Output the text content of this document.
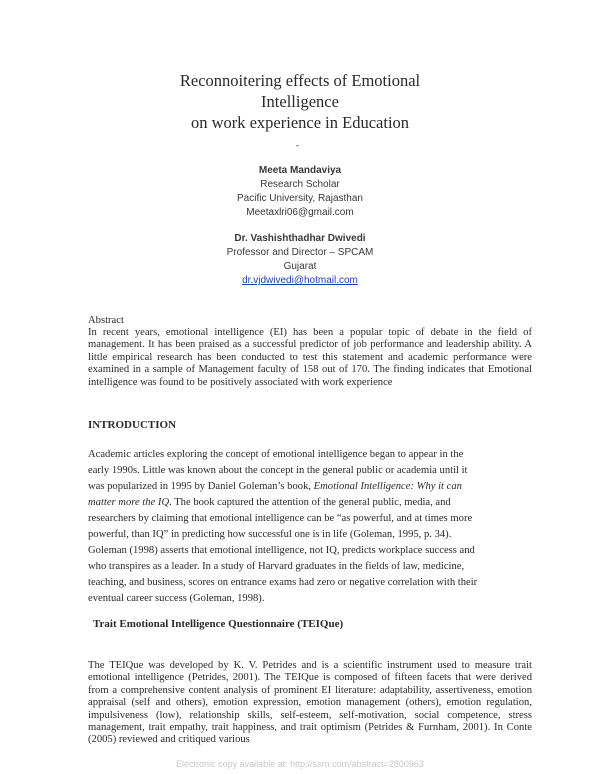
Reconnoitering effects of Emotional
Intelligence
on work experience in Education
-
Meeta Mandaviya
Research Scholar
Pacific University, Rajasthan
Meetaxlri06@gmail.com
Dr. Vashishthadhar Dwivedi
Professor and Director – SPCAM
Gujarat
dr.vjdwivedi@hotmail.com
Abstract
In recent years, emotional intelligence (EI) has been a popular topic of debate in the field of management. It has been praised as a successful predictor of job performance and leadership ability. A little empirical research has been conducted to test this statement and academic performance were examined in a sample of Management faculty of 158 out of 170. The finding indicates that Emotional intelligence was found to be positively associated with work experience
INTRODUCTION
Academic articles exploring the concept of emotional intelligence began to appear in the
early 1990s. Little was known about the concept in the general public or academia until it
was popularized in 1995 by Daniel Goleman’s book, Emotional Intelligence: Why it can
matter more the IQ. The book captured the attention of the general public, media, and
researchers by claiming that emotional intelligence can be “as powerful, and at times more
powerful, than IQ” in predicting how successful one is in life (Goleman, 1995, p. 34).
Goleman (1998) asserts that emotional intelligence, not IQ, predicts workplace success and
who transpires as a leader. In a study of Harvard graduates in the fields of law, medicine,
teaching, and business, scores on entrance exams had zero or negative correlation with their
eventual career success (Goleman, 1998).
Trait Emotional Intelligence Questionnaire (TEIQue)
The TEIQue was developed by K. V. Petrides and is a scientific instrument used to measure trait emotional intelligence (Petrides, 2001). The TEIQue is composed of fifteen facets that were derived from a comprehensive content analysis of prominent EI literature: adaptability, assertiveness, emotion appraisal (self and others), emotion expression, emotion management (others), emotion regulation, impulsiveness (low), relationship skills, self-esteem, self-motivation, social competence, stress management, trait empathy, trait happiness, and trait optimism (Petrides & Furnham, 2001). In Conte (2005) reviewed and critiqued various
Electronic copy available at: http://ssrn.com/abstract=2800963
